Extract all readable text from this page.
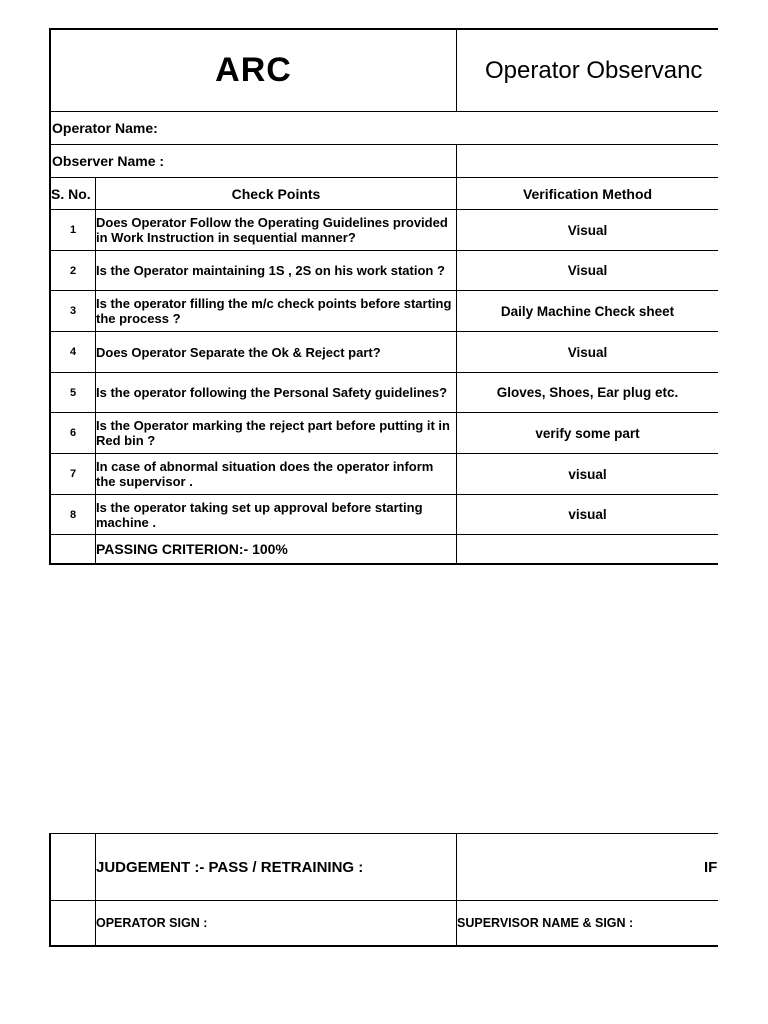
ARC	Operator Observanc
Operator Name:
Observer Name :
S. No.	Check Points	Verification Method
1	Does Operator Follow the Operating Guidelines provided in Work Instruction in sequential manner?	Visual
2	Is the Operator maintaining 1S , 2S on his work station ?	Visual
3	Is the operator filling the m/c check points before starting the process ?	Daily Machine Check sheet
4	Does Operator Separate the Ok & Reject part?	Visual
5	Is the operator following the Personal Safety guidelines?	Gloves, Shoes, Ear plug etc.
6	Is the Operator marking the reject part before putting it in Red bin ?	verify some part
7	In case of abnormal situation does the operator inform the supervisor .	visual
8	Is the operator taking set up approval before starting machine .	visual
PASSING CRITERION:- 100%
JUDGEMENT :- PASS / RETRAINING :	IF
OPERATOR SIGN :	SUPERVISOR NAME & SIGN :
